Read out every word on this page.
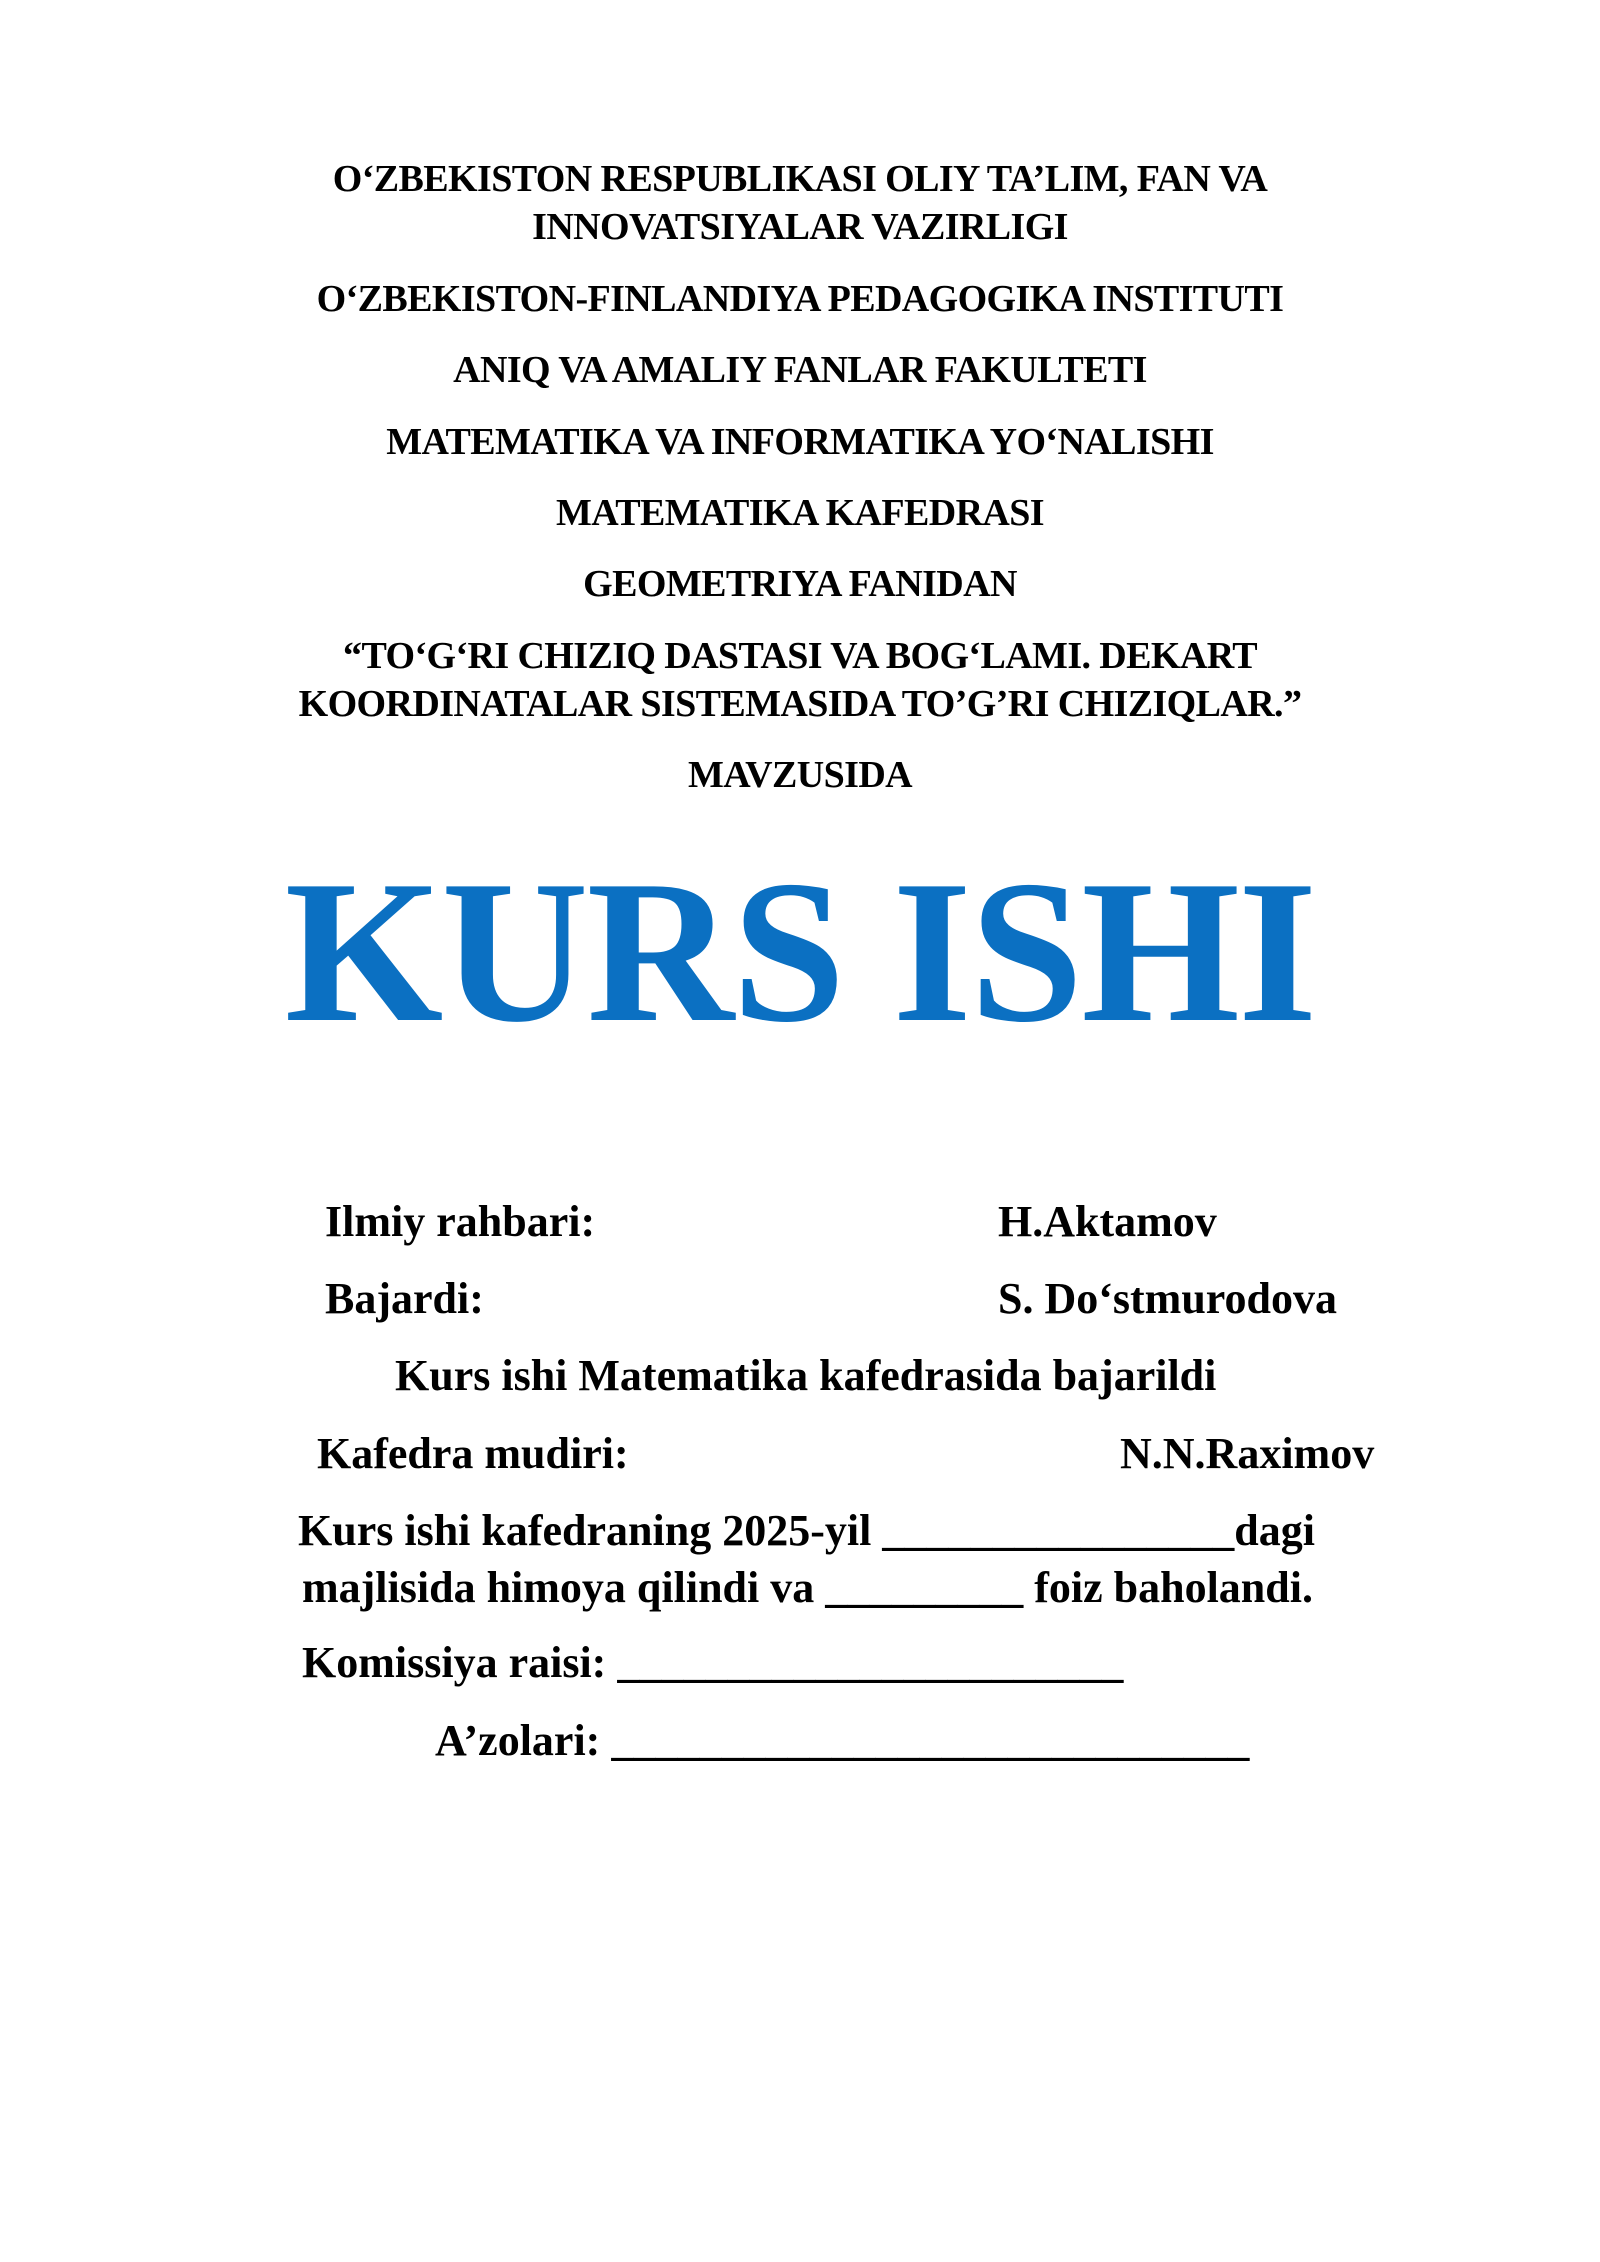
O‘ZBEKISTON RESPUBLIKASI OLIY TA’LIM, FAN VA
INNOVATSIYALAR VAZIRLIGI
O‘ZBEKISTON-FINLANDIYA PEDAGOGIKA INSTITUTI
ANIQ VA AMALIY FANLAR FAKULTETI
MATEMATIKA VA INFORMATIKA YO‘NALISHI
MATEMATIKA KAFEDRASI
GEOMETRIYA FANIDAN
“TO‘G‘RI CHIZIQ DASTASI VA BOG‘LAMI. DEKART
KOORDINATALAR SISTEMASIDA TO’G’RI CHIZIQLAR.”
MAVZUSIDA
KURS ISHI
Ilmiy rahbari:	H.Aktamov
Bajardi:	S. Do‘stmurodova
Kurs ishi Matematika kafedrasida bajarildi
Kafedra mudiri:	N.N.Raximov
Kurs ishi kafedraning 2025-yil ________________dagi
majlisida himoya qilindi va _________ foiz baholandi.
Komissiya raisi: _______________________
A’zolari: _____________________________
